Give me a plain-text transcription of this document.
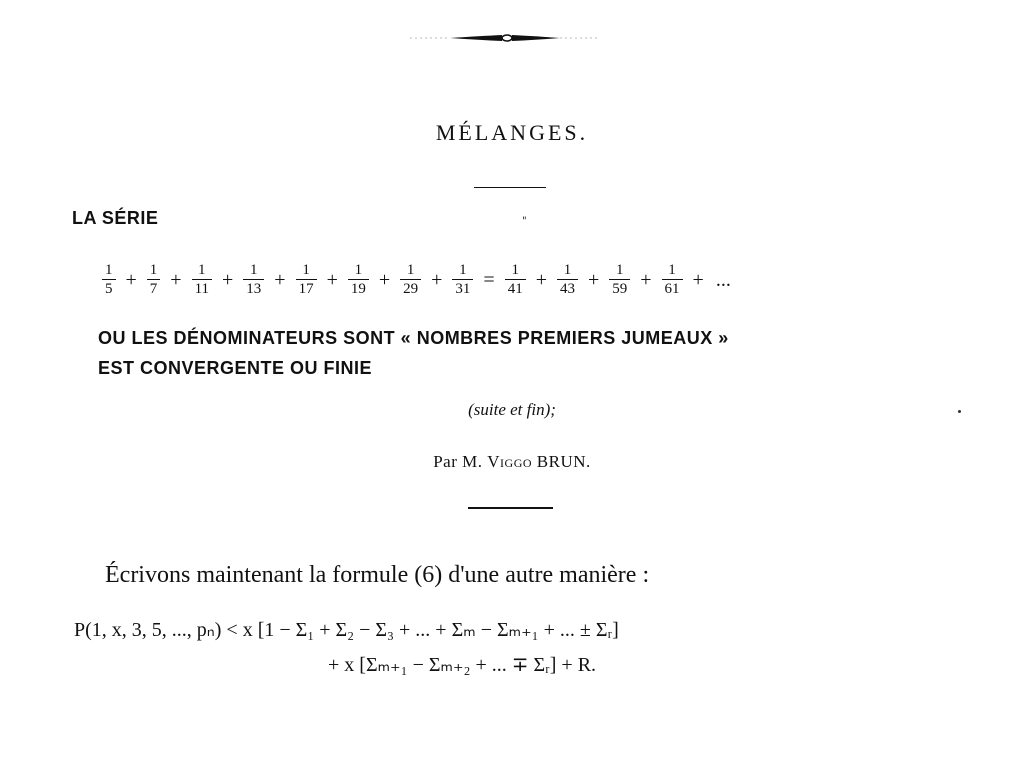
MÉLANGES.
LA SÉRIE	"
$\frac{1}{5} + \frac{1}{7} + \frac{1}{11} + \frac{1}{13} + \frac{1}{17} + \frac{1}{19} + \frac{1}{29} + \frac{1}{31} = \frac{1}{41} + \frac{1}{43} + \frac{1}{59} + \frac{1}{61}$ + ...
OU LES DÉNOMINATEURS SONT « NOMBRES PREMIERS JUMEAUX »
EST CONVERGENTE OU FINIE
(suite et fin);
Par M. Viggo BRUN.
Écrivons maintenant la formule (6) d'une autre manière :
P(1, x, 3, 5, ..., pₙ) < x [1 − Σ₁ + Σ₂ − Σ₃ + ... + Σₘ − Σₘ₊₁ + ... ± Σᵣ]
+ x [Σₘ₊₁ − Σₘ₊₂ + ... ∓ Σᵣ] + R.
